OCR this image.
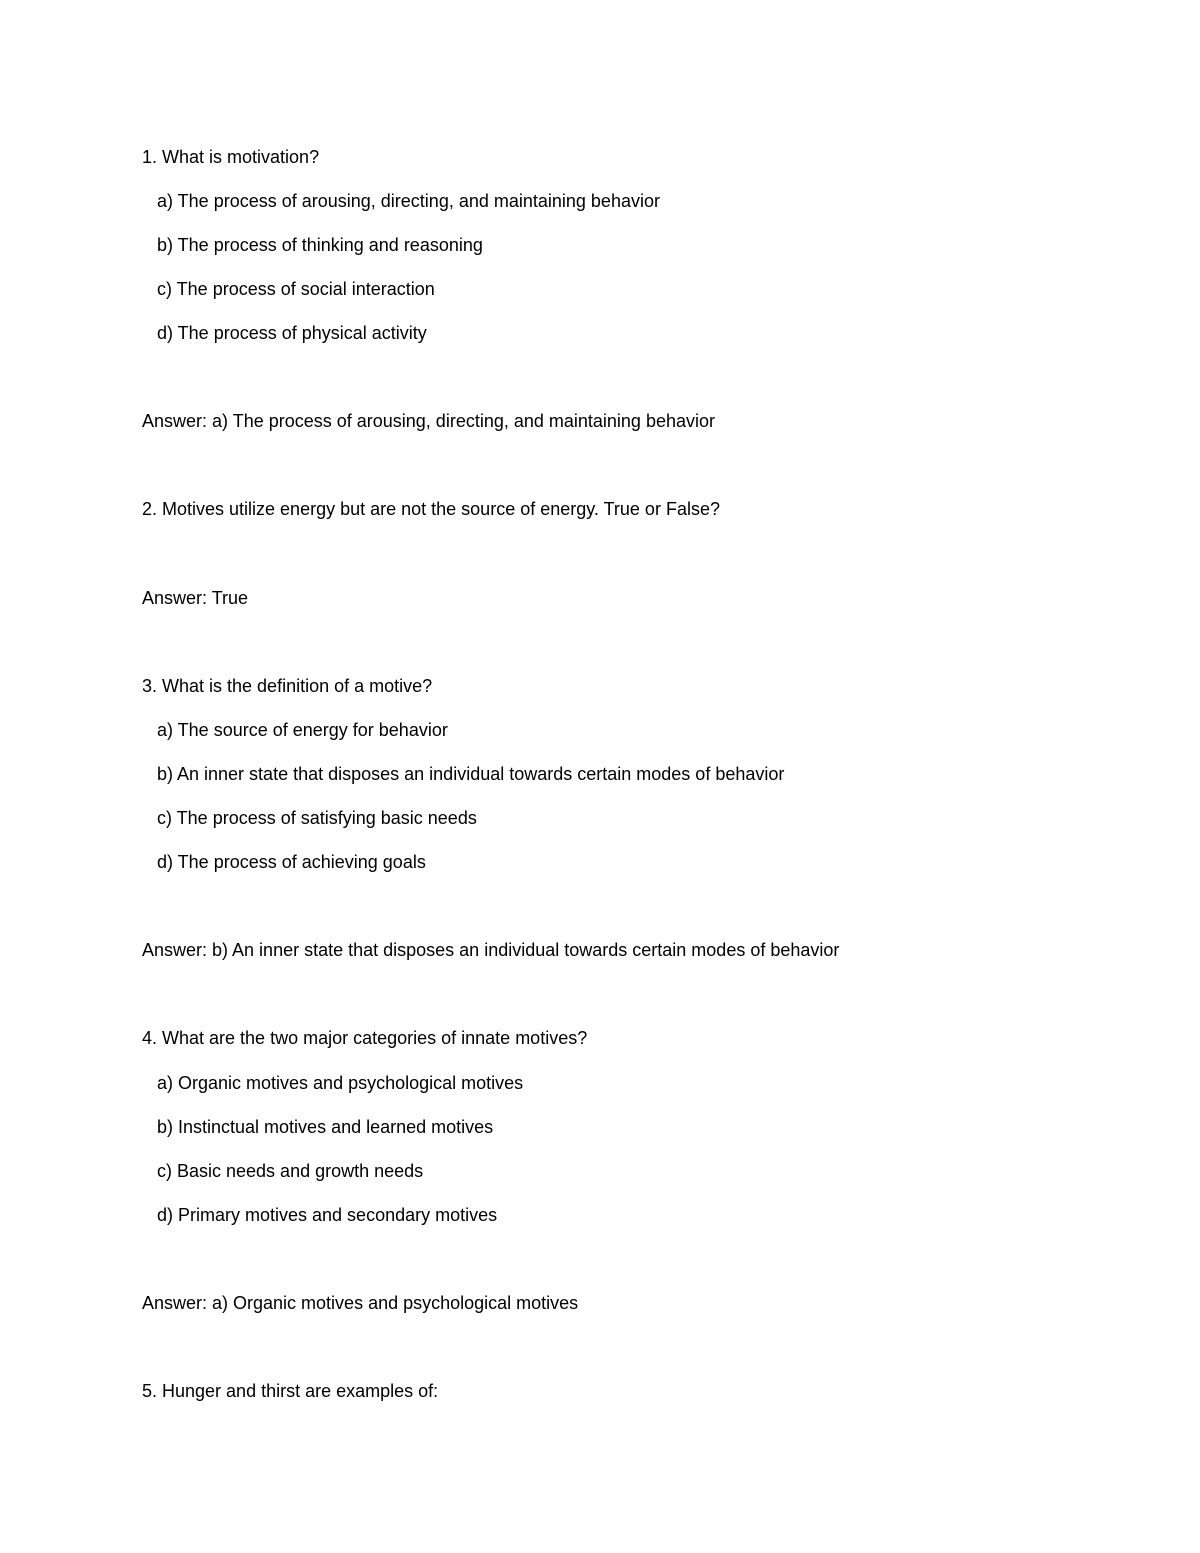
1. What is motivation?
a) The process of arousing, directing, and maintaining behavior
b) The process of thinking and reasoning
c) The process of social interaction
d) The process of physical activity
Answer: a) The process of arousing, directing, and maintaining behavior
2. Motives utilize energy but are not the source of energy. True or False?
Answer: True
3. What is the definition of a motive?
a) The source of energy for behavior
b) An inner state that disposes an individual towards certain modes of behavior
c) The process of satisfying basic needs
d) The process of achieving goals
Answer: b) An inner state that disposes an individual towards certain modes of behavior
4. What are the two major categories of innate motives?
a) Organic motives and psychological motives
b) Instinctual motives and learned motives
c) Basic needs and growth needs
d) Primary motives and secondary motives
Answer: a) Organic motives and psychological motives
5. Hunger and thirst are examples of:
